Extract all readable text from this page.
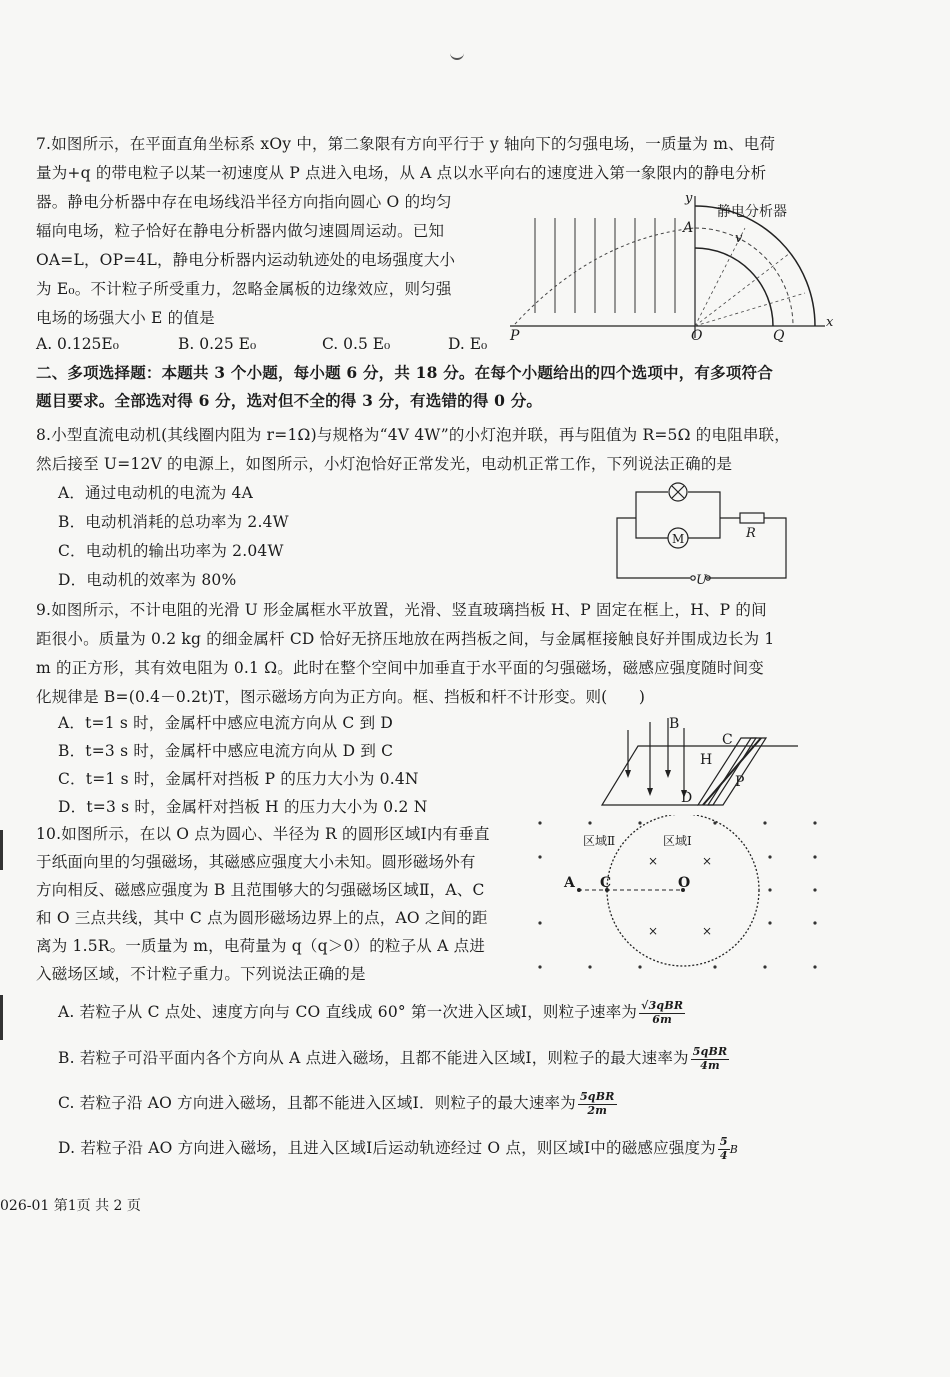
7.如图所示，在平面直角坐标系 xOy 中，第二象限有方向平行于 y 轴向下的匀强电场，一质量为 m、电荷
量为+q 的带电粒子以某一初速度从 P 点进入电场，从 A 点以水平向右的速度进入第一象限内的静电分析
器。静电分析器中存在电场线沿半径方向指向圆心 O 的均匀
辐向电场，粒子恰好在静电分析器内做匀速圆周运动。已知
OA=L，OP=4L，静电分析器内运动轨迹处的电场强度大小
为 E₀。不计粒子所受重力，忽略金属板的边缘效应，则匀强
电场的场强大小 E 的值是
A. 0.125E₀	B. 0.25 E₀	C. 0.5 E₀	D. E₀
静电分析器
y
x
A
v
P	O	Q
二、多项选择题：本题共 3 个小题，每小题 6 分，共 18 分。在每个小题给出的四个选项中，有多项符合
题目要求。全部选对得 6 分，选对但不全的得 3 分，有选错的得 0 分。
8.小型直流电动机(其线圈内阻为 r=1Ω)与规格为“4V 4W”的小灯泡并联，再与阻值为 R=5Ω 的电阻串联，
然后接至 U=12V 的电源上，如图所示，小灯泡恰好正常发光，电动机正常工作，下列说法正确的是
A．通过电动机的电流为 4A
B．电动机消耗的总功率为 2.4W
C．电动机的输出功率为 2.04W
D．电动机的效率为 80%
M	R
U
9.如图所示，不计电阻的光滑 U 形金属框水平放置，光滑、竖直玻璃挡板 H、P 固定在框上，H、P 的间
距很小。质量为 0.2 kg 的细金属杆 CD 恰好无挤压地放在两挡板之间，与金属框接触良好并围成边长为 1
m 的正方形，其有效电阻为 0.1 Ω。此时在整个空间中加垂直于水平面的匀强磁场，磁感应强度随时间变
化规律是 B=(0.4－0.2t)T，图示磁场方向为正方向。框、挡板和杆不计形变。则(　　)
A．t=1 s 时，金属杆中感应电流方向从 C 到 D
B．t=3 s 时，金属杆中感应电流方向从 D 到 C
C．t=1 s 时，金属杆对挡板 P 的压力大小为 0.4N
D．t=3 s 时，金属杆对挡板 H 的压力大小为 0.2 N
B
C
H
P
D
10.如图所示，在以 O 点为圆心、半径为 R 的圆形区域Ⅰ内有垂直
于纸面向里的匀强磁场，其磁感应强度大小未知。圆形磁场外有
方向相反、磁感应强度为 B 且范围够大的匀强磁场区域Ⅱ，A、C
和 O 三点共线，其中 C 点为圆形磁场边界上的点，AO 之间的距
离为 1.5R。一质量为 m，电荷量为 q（q＞0）的粒子从 A 点进
入磁场区域，不计粒子重力。下列说法正确的是
×	×
×	×
区域Ⅱ	区域Ⅰ
A C	O
A. 若粒子从 C 点处、速度方向与 CO 直线成 60° 第一次进入区域Ⅰ，则粒子速率为 $\frac{\text{√3qBR}}{6m}$
B. 若粒子可沿平面内各个方向从 A 点进入磁场，且都不能进入区域Ⅰ，则粒子的最大速率为 $\frac{\text{5qBR}}{4m}$
C. 若粒子沿 AO 方向进入磁场，且都不能进入区域Ⅰ．则粒子的最大速率为 $\frac{\text{5qBR}}{2m}$
D. 若粒子沿 AO 方向进入磁场，且进入区域Ⅰ后运动轨迹经过 O 点，则区域Ⅰ中的磁感应强度为 $\frac{5}{4}$ B
026-01 第1页 共 2 页
